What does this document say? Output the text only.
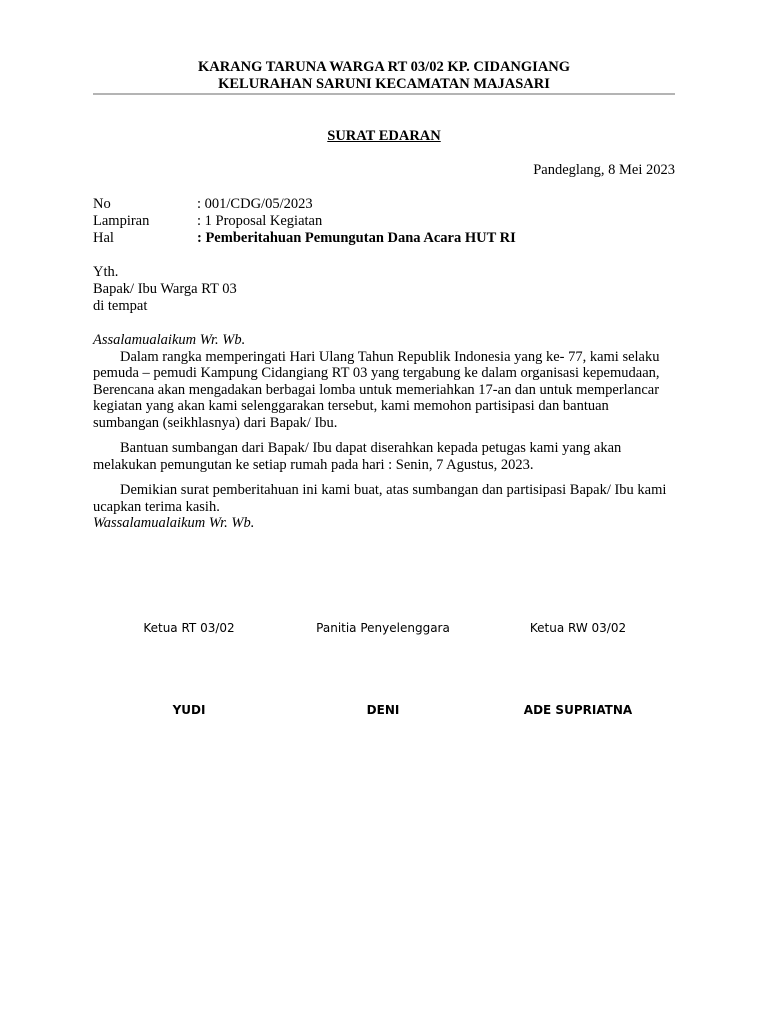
KARANG TARUNA WARGA RT 03/02 KP. CIDANGIANG
KELURAHAN SARUNI KECAMATAN MAJASARI
SURAT EDARAN
Pandeglang, 8 Mei 2023
No	: 001/CDG/05/2023
Lampiran	: 1 Proposal Kegiatan
Hal	: Pemberitahuan Pemungutan Dana Acara HUT RI
Yth.
Bapak/ Ibu Warga RT 03
di tempat

Assalamualaikum Wr. Wb.

Dalam rangka memperingati Hari Ulang Tahun Republik Indonesia yang ke- 77, kami selaku pemuda – pemudi Kampung Cidangiang RT 03 yang tergabung ke dalam organisasi kepemudaan, Berencana akan mengadakan berbagai lomba untuk memeriahkan 17-an dan untuk memperlancar kegiatan yang akan kami selenggarakan tersebut, kami memohon partisipasi dan bantuan sumbangan (seikhlasnya) dari Bapak/ Ibu.

Bantuan sumbangan dari Bapak/ Ibu dapat diserahkan kepada petugas kami yang akan melakukan pemungutan ke setiap rumah pada hari : Senin, 7 Agustus, 2023.

Demikian surat pemberitahuan ini kami buat, atas sumbangan dan partisipasi Bapak/ Ibu kami ucapkan terima kasih.

Wassalamualaikum Wr. Wb.

Ketua RT 03/02	Panitia Penyelenggara	Ketua RW 03/02
YUDI	DENI	ADE SUPRIATNA
